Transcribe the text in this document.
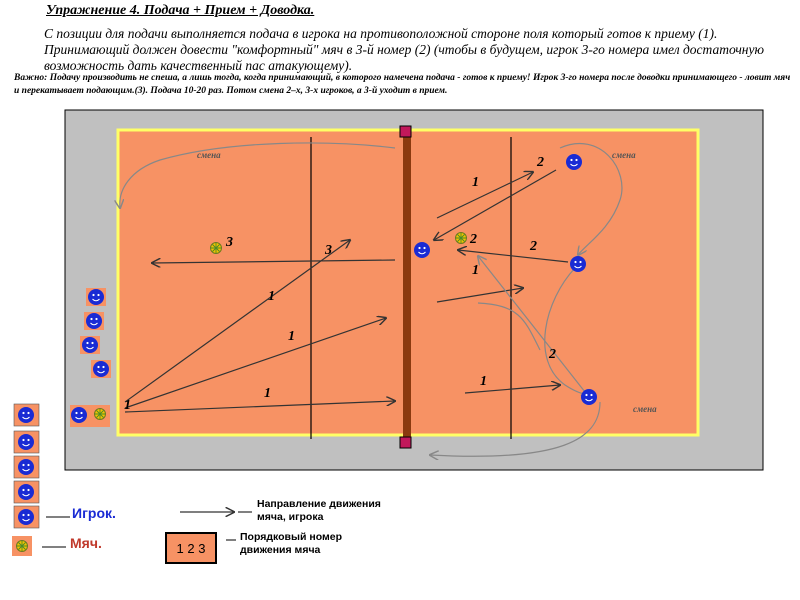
Упражнение 4. Подача + Прием + Доводка.
С позиции для подачи выполняется подача в игрока на противоположной стороне поля который готов к приему (1). Принимающий должен довести "комфортный" мяч в 3-й номер (2) (чтобы в будущем, игрок 3-го номера имел достаточную возможность дать качественный пас атакующему).
Важно: Подачу производить не спеша, а лишь тогда, когда принимающий, в которого намечена подача - готов к приему! Игрок 3-го номера после доводки принимающего - ловит мяч и перекатывает подающим.(3). Подача 10-20 раз. Потом смена 2–х, 3-х игроков, а 3-й уходит в прием.
смена	смена
смена
1
1
1
1
1
1
1
2
2
2
2
3
3
1 2 3
Игрок.
Мяч.
Направление движения мяча, игрока
Порядковый номер движения мяча
